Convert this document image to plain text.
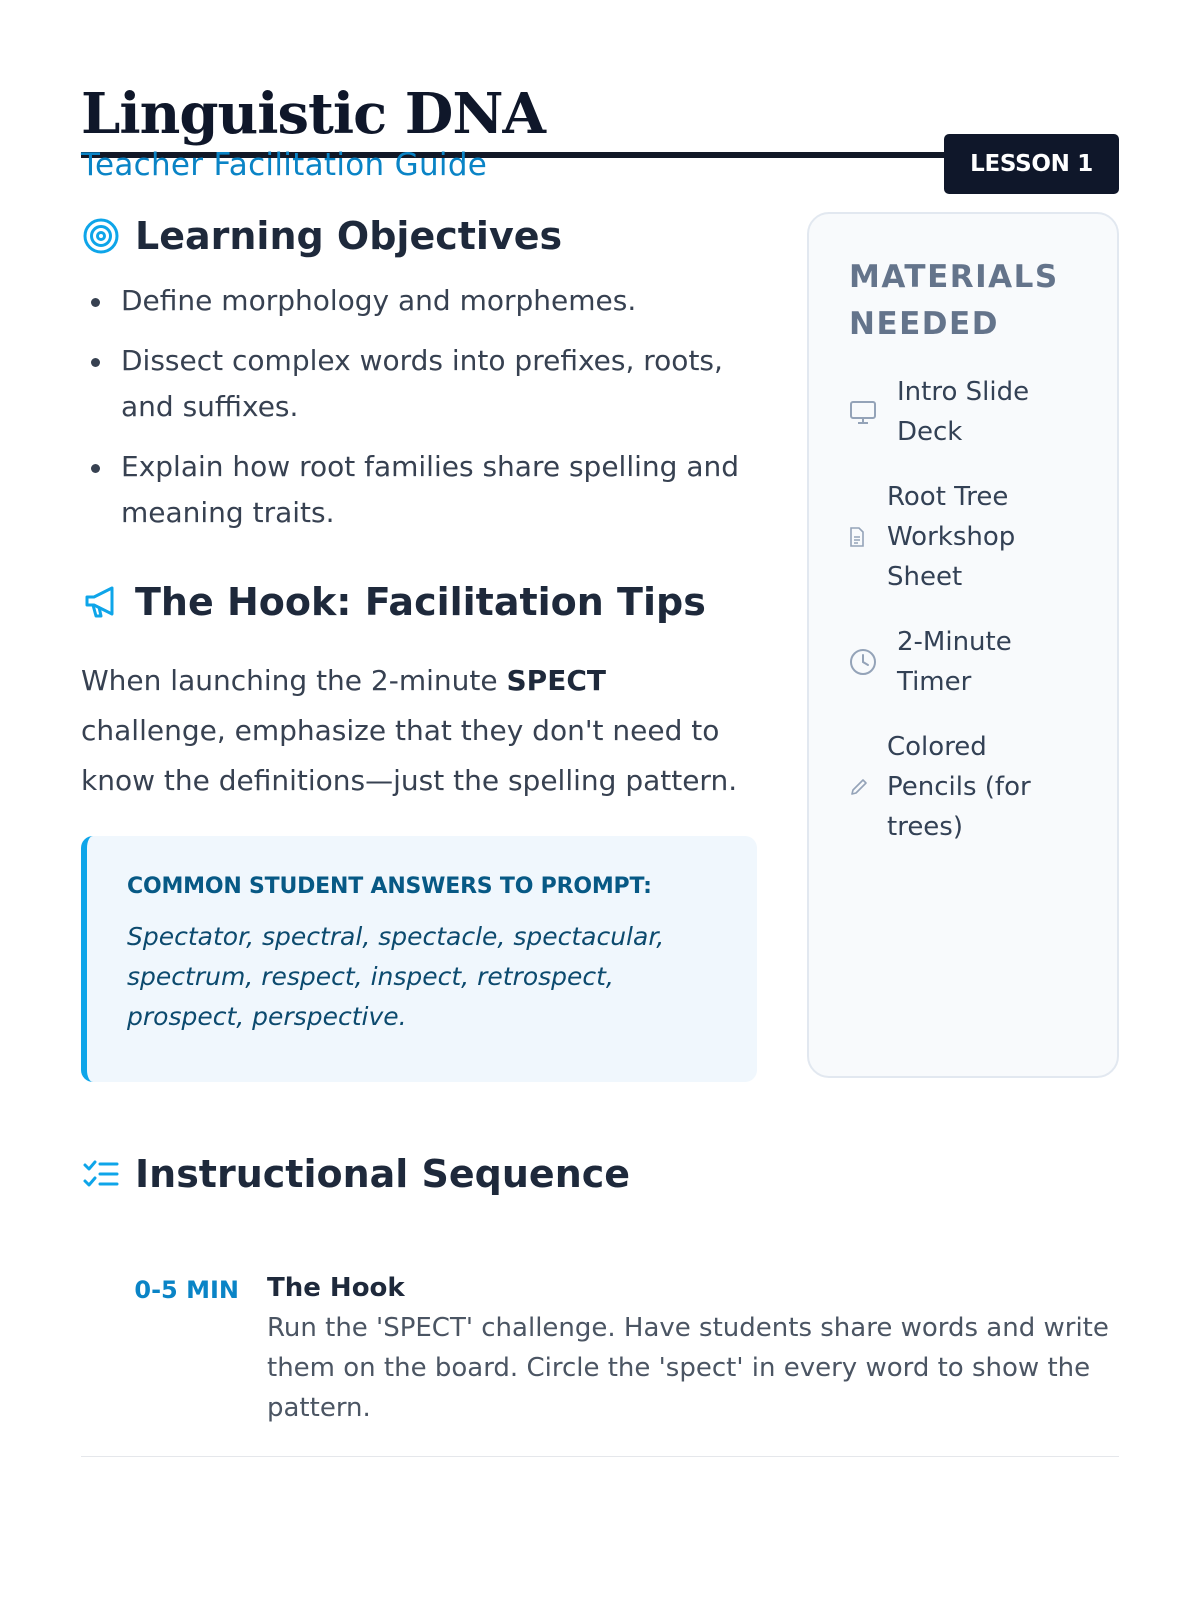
Linguistic DNA

Teacher Facilitation Guide	LESSON 1
Learning Objectives
Define morphology and morphemes.
Dissect complex words into prefixes, roots, and suffixes.
Explain how root families share spelling and meaning traits.
The Hook: Facilitation Tips

When launching the 2-minute SPECT challenge, emphasize that they don't need to know the definitions—just the spelling pattern.

COMMON STUDENT ANSWERS TO PROMPT:

Spectator, spectral, spectacle, spectacular, spectrum, respect, inspect, retrospect, prospect, perspective.

MATERIALS NEEDED
Intro Slide Deck
Root Tree Workshop Sheet
2-Minute Timer
Colored Pencils (for trees)
Instructional Sequence
0-5 MIN	The Hook

Run the 'SPECT' challenge. Have students share words and write them on the board. Circle the 'spect' in every word to show the pattern.
